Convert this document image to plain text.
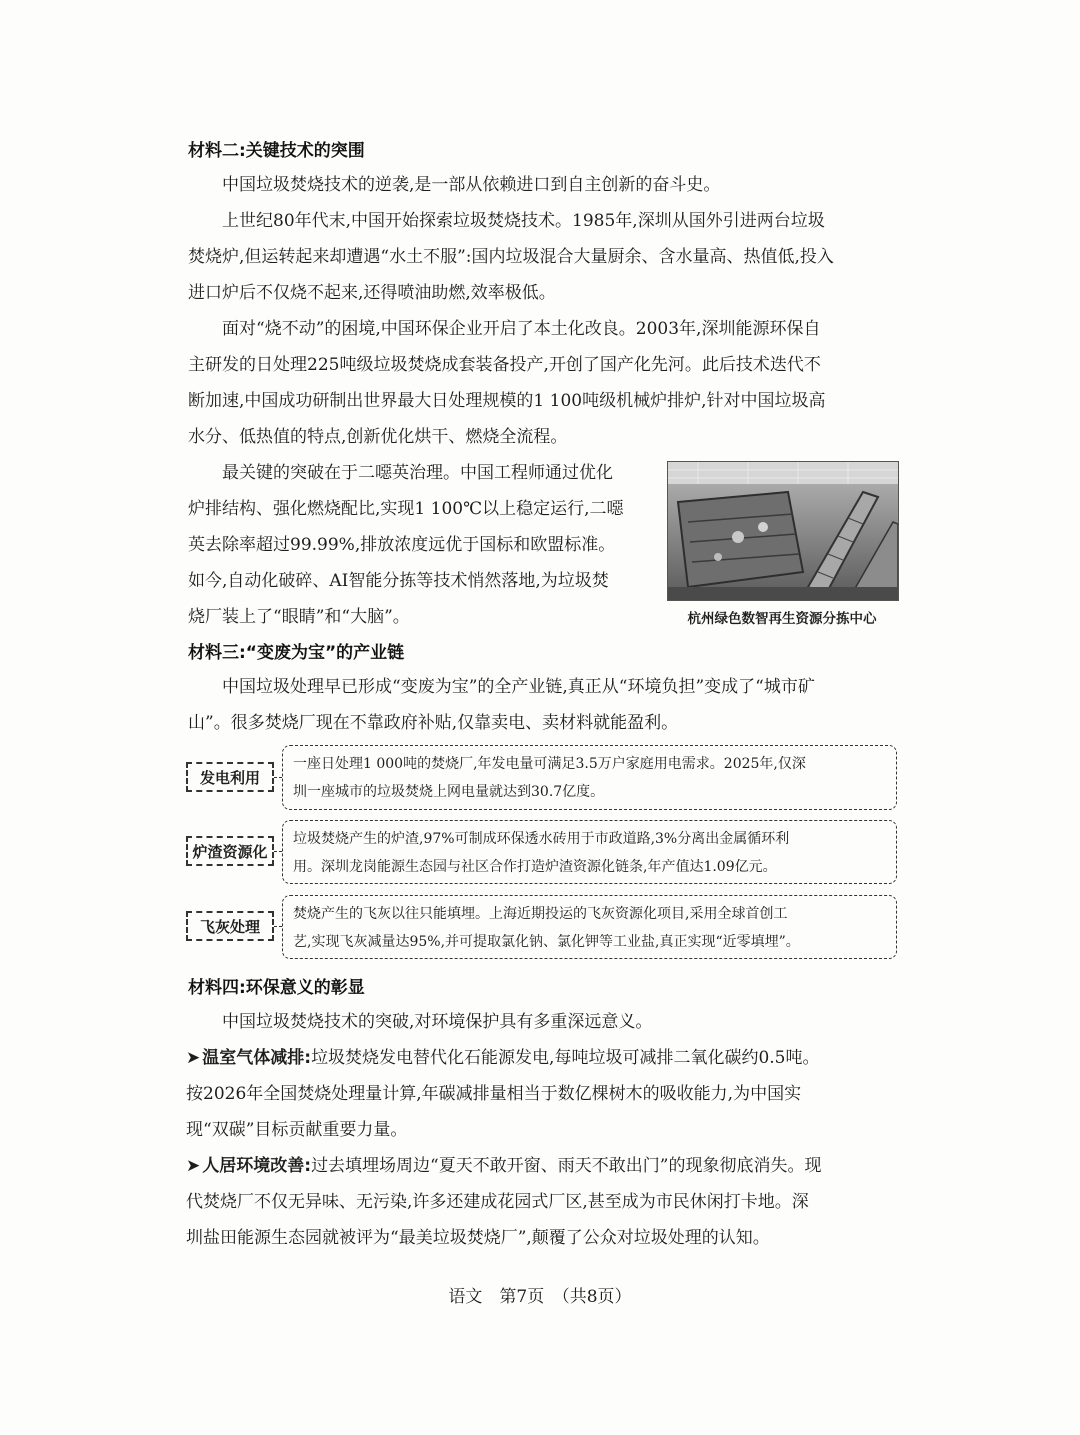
材料二:关键技术的突围

中国垃圾焚烧技术的逆袭,是一部从依赖进口到自主创新的奋斗史。

上世纪80年代末,中国开始探索垃圾焚烧技术。1985年,深圳从国外引进两台垃圾
焚烧炉,但运转起来却遭遇“水土不服”:国内垃圾混合大量厨余、含水量高、热值低,投入
进口炉后不仅烧不起来,还得喷油助燃,效率极低。

面对“烧不动”的困境,中国环保企业开启了本土化改良。2003年,深圳能源环保自
主研发的日处理225吨级垃圾焚烧成套装备投产,开创了国产化先河。此后技术迭代不
断加速,中国成功研制出世界最大日处理规模的1 100吨级机械炉排炉,针对中国垃圾高
水分、低热值的特点,创新优化烘干、燃烧全流程。

最关键的突破在于二噁英治理。中国工程师通过优化
炉排结构、强化燃烧配比,实现1 100℃以上稳定运行,二噁
英去除率超过99.99%,排放浓度远优于国标和欧盟标准。
如今,自动化破碎、AI智能分拣等技术悄然落地,为垃圾焚
烧厂装上了“眼睛”和“大脑”。	杭州绿色数智再生资源分拣中心
材料三:“变废为宝”的产业链

中国垃圾处理早已形成“变废为宝”的全产业链,真正从“环境负担”变成了“城市矿
山”。很多焚烧厂现在不靠政府补贴,仅靠卖电、卖材料就能盈利。

发电利用
一座日处理1 000吨的焚烧厂,年发电量可满足3.5万户家庭用电需求。2025年,仅深
圳一座城市的垃圾焚烧上网电量就达到30.7亿度。
炉渣资源化
垃圾焚烧产生的炉渣,97%可制成环保透水砖用于市政道路,3%分离出金属循环利
用。深圳龙岗能源生态园与社区合作打造炉渣资源化链条,年产值达1.09亿元。
飞灰处理
焚烧产生的飞灰以往只能填埋。上海近期投运的飞灰资源化项目,采用全球首创工
艺,实现飞灰减量达95%,并可提取氯化钠、氯化钾等工业盐,真正实现“近零填埋”。
材料四:环保意义的彰显

中国垃圾焚烧技术的突破,对环境保护具有多重深远意义。

➤ 温室气体减排:垃圾焚烧发电替代化石能源发电,每吨垃圾可减排二氧化碳约0.5吨。
按2026年全国焚烧处理量计算,年碳减排量相当于数亿棵树木的吸收能力,为中国实
现“双碳”目标贡献重要力量。

➤ 人居环境改善:过去填埋场周边“夏天不敢开窗、雨天不敢出门”的现象彻底消失。现
代焚烧厂不仅无异味、无污染,许多还建成花园式厂区,甚至成为市民休闲打卡地。深
圳盐田能源生态园就被评为“最美垃圾焚烧厂”,颠覆了公众对垃圾处理的认知。

语文　第7页　（共8页）
